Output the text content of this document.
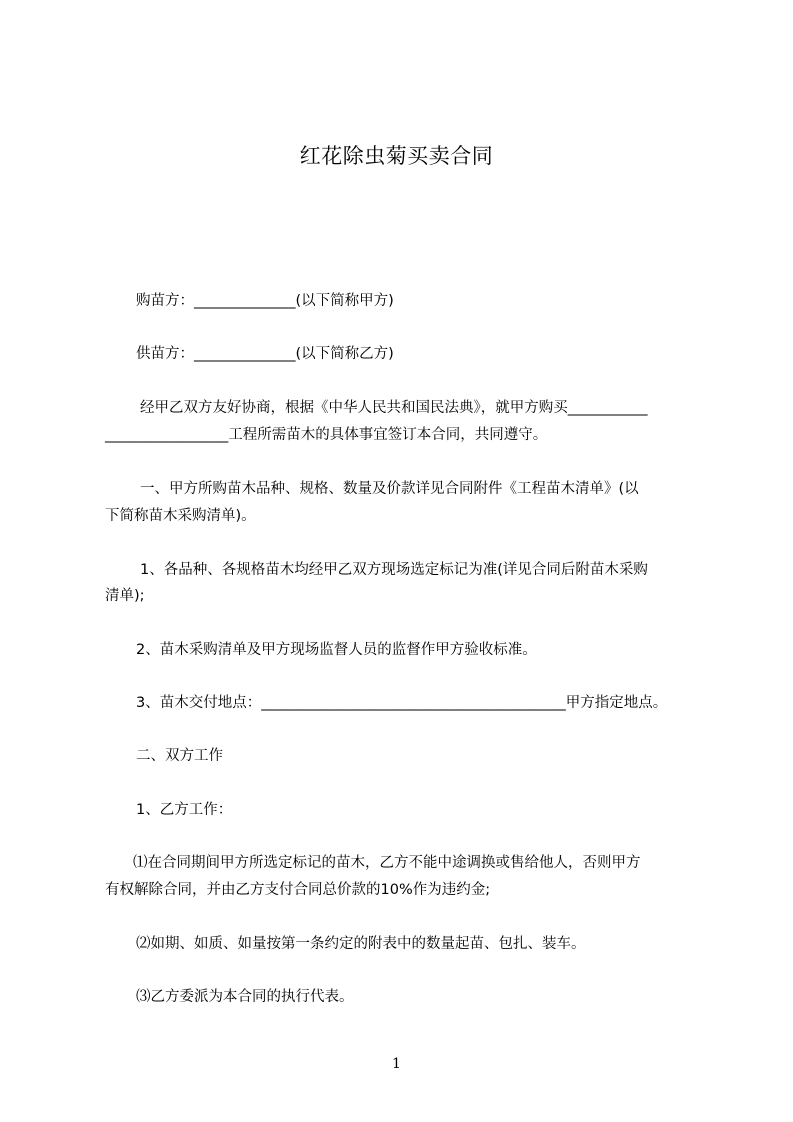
红花除虫菊买卖合同
购苗方：______________(以下简称甲方)
供苗方：______________(以下简称乙方)
经甲乙双方友好协商，根据《中华人民共和国民法典》，就甲方购买___________
_________________工程所需苗木的具体事宜签订本合同，共同遵守。
一、甲方所购苗木品种、规格、数量及价款详见合同附件《工程苗木清单》(以
下简称苗木采购清单)。
1、各品种、各规格苗木均经甲乙双方现场选定标记为准(详见合同后附苗木采购
清单);
2、苗木采购清单及甲方现场监督人员的监督作甲方验收标准。
3、苗木交付地点：__________________________________________甲方指定地点。
二、双方工作
1、乙方工作：
⑴在合同期间甲方所选定标记的苗木，乙方不能中途调换或售给他人，否则甲方
有权解除合同，并由乙方支付合同总价款的10%作为违约金;
⑵如期、如质、如量按第一条约定的附表中的数量起苗、包扎、装车。
⑶乙方委派为本合同的执行代表。
1
